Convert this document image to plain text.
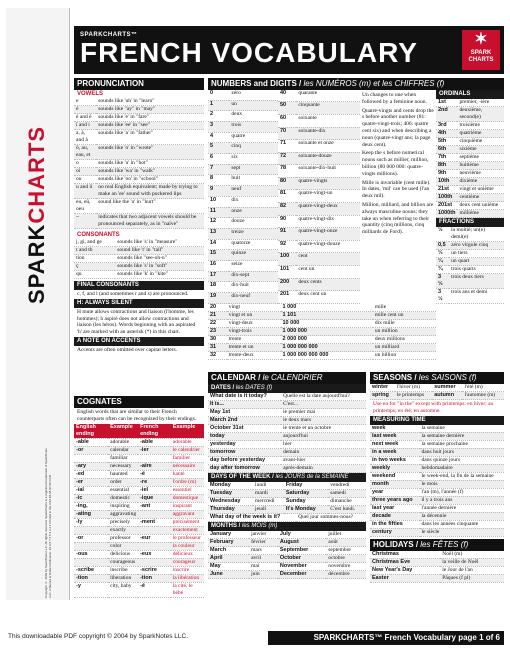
SPARKCHARTS
Copyright © 2002 by SparkNotes LLC. All rights reserved. SparkCharts is a registered trademark of SparkNotes LLC. A Barnes & Noble Publication. 10 9 8 7 6 5 4 3 2 1 Printed in the USA $4.95 $7.95 CAN
SPARKCHARTS™
FRENCH VOCABULARY	✶
SPARK
CHARTS
PRONUNCIATION
VOWELS
e	sounds like 'uh' in "learn"
é	sounds like "ay" in "may"
è and ê	sounds like 'e' in "fare"
î and i	sounds like 'ee' in "see"
a, à, and â	sounds like 'a' in "father"
ô, au, eau, et	sounds like 'o' in "wrote"
o	sounds like 'u' in "hot"
oi	sounds like 'wa' in "walk"
ou	sounds like 'oo' in "school"
u and û	no real English equivalent; made by trying to make an 'ee' sound with puckered lips
eu, eû, oeu	sound like the 'u' in "hurt"
~	indicates that two adjacent vowels should be pronounced separately, as in "naïve"
CONSONANTS
j, gi, and ge	sounds like 's' in "measure"
t and th	sound like 't' in "tall"
tion	sounds like "see-oh-n"
ç	sounds like 's' in "soft"
qu	sounds like 'k' in "kite"
FINAL CONSONANTS
c, f, and l (and sometimes r and s) are pronounced.
H: ALWAYS SILENT
H mute allows contractions and liaison (l'homme, les hommes); h aspiré does not allow contractions and liaison (les héros). Words beginning with an aspirated 'h' are marked with an asterisk (*) in this chart.
A NOTE ON ACCENTS
Accents are often omitted over capital letters.
COGNATES
English words that are similar to their French counterparts often can be recognized by their endings.
English ending	Example	French ending	Example
-able	adorable	-able	adorable
-or	calendar	-ier	le calendrier
	familiar		familier
-ary	necessary	-aire	nécessaire
-ed	haunted	-é	hanté
-er	order	-re	l'ordre (m)
-ial	essential	-iel	essentiel
-ic	domestic	-ique	domestique
-ing,	inspiring	-ant	inspirant
-ating	aggravating		aggravant
-ly	precisely	-ment	précisément
	exactly		exactement
-or	professor	-eur	le professeur
	color		la couleur
-ous	delicious	-eux	délicieux
	courageous		courageux
-scribe	inscribe	-scrire	inscrire
-tion	liberation	-tion	la libération
-y	city, baby	-é	la cité, le bébé
NUMBERS and DIGITS / les NUMÉROS (m) et les CHIFFRES (f)
0	zéro
1	un
2	deux
3	trois
4	quatre
5	cinq
6	six
7	sept
8	huit
9	neuf
10	dix
11	onze
12	douze
13	treize
14	quatorze
15	quinze
16	seize
17	dix-sept
18	dix-huit
19	dix-neuf
40	quarante
50	cinquante
60	soixante
70	soixante-dix
71	soixante et onze
72	soixante-douze
78	soixante-dix-huit
80	quatre-vingts
81	quatre-vingt-un
82	quatre-vingt-deux
90	quatre-vingt-dix
91	quatre-vingt-onze
92	quatre-vingt-douze
100	cent
101	cent un
200	deux cents
201	deux cent un
Un changes to une when followed by a feminine noun.
Quatre-vingts and cents drop the s before another number (81: quatre-vingt-trois; 406: quatre cent six) and when describing a noun (quatre-vingt ans; la page deux cent).
Keep the s before numerical nouns such as millier, million, billion (80 000 000: quatre-vingts millions).
Mille is invariable (cent mille). In dates, 'mil' can be used (l'an deux mil).
Million, milliard, and billion are always masculine nouns; they take un when referring to their quantity (cinq millions, cinq milliards de Ford).
ORDINALS
1st	premier, -ière
2nd	deuxième, second(e)
3rd	troisième
4th	quatrième
5th	cinquième
6th	sixième
7th	septième
8th	huitième
9th	neuvième
10th	dixième
21st	vingt et unième
100th	centième
201st	deux cent unième
1000th	millième
FRACTIONS
½	la moitié; un(e) demi(e)
0,5	zéro virgule cinq
⅓	un tiers
¼	un quart
¾	trois quarts
3 ⅓	trois deux tiers
3 ½	trois ans et demi
20	vingt	1 000	mille
21	vingt et un	1 101	mille cent un
22	vingt-deux	10 000	dix mille
23	vingt-trois	1 000 000	un million
30	trente	2 000 000	deux millions
31	trente et un	1 000 000 000	un milliard
32	trente-deux	1 000 000 000 000	un billion
CALENDAR / le CALENDRIER
DATES / les DATES (f)
What date is it today?	Quelle est la date aujourd'hui?
It is...	C'est...
May 1st	le premier mai
March 2nd	le deux mars
October 31st	le trente et un octobre
today	aujourd'hui
yesterday	hier
tomorrow	demain
day before yesterday	avant-hier
day after tomorrow	après-demain
DAYS OF THE WEEK / les JOURS de la SEMAINE
Monday	lundi	Friday	vendredi
Tuesday	mardi	Saturday	samedi
Wednesday	mercredi	Sunday	dimanche
Thursday	jeudi	It's Monday	C'est lundi.
What day of the week is it?	Quel jour sommes-nous?
MONTHS / les MOIS (m)
January	janvier	July	juillet
February	février	August	août
March	mars	September	septembre
April	avril	October	octobre
May	mai	November	novembre
June	juin	December	décembre
SEASONS / les SAISONS (f)
winter	l'hiver (m)	summer	l'été (m)
spring	le printemps	autumn	l'automne (m)
Use en for "in the" except with printemps: en hiver; au printemps; en été; en automne.
MEASURING TIME
week	la semaine
last week	la semaine dernière
next week	la semaine prochaine
in a week	dans huit jours
in two weeks	dans quinze jours
weekly	hebdomadaire
weekend	le week-end, la fin de la semaine
month	le mois
year	l'an (m), l'année (f)
three years ago	il y a trois ans
last year	l'année dernière
decade	la décennie
in the fifties	dans les années cinquante
century	le siècle
HOLIDAYS / les FÊTES (f)
Christmas	Noël (m)
Christmas Eve	la veille de Noël
New Year's Day	le Jour de l'an
Easter	Pâques (f pl)
This downloadable PDF copyright © 2004 by SparkNotes LLC.	SPARKCHARTS™ French Vocabulary page 1 of 6
